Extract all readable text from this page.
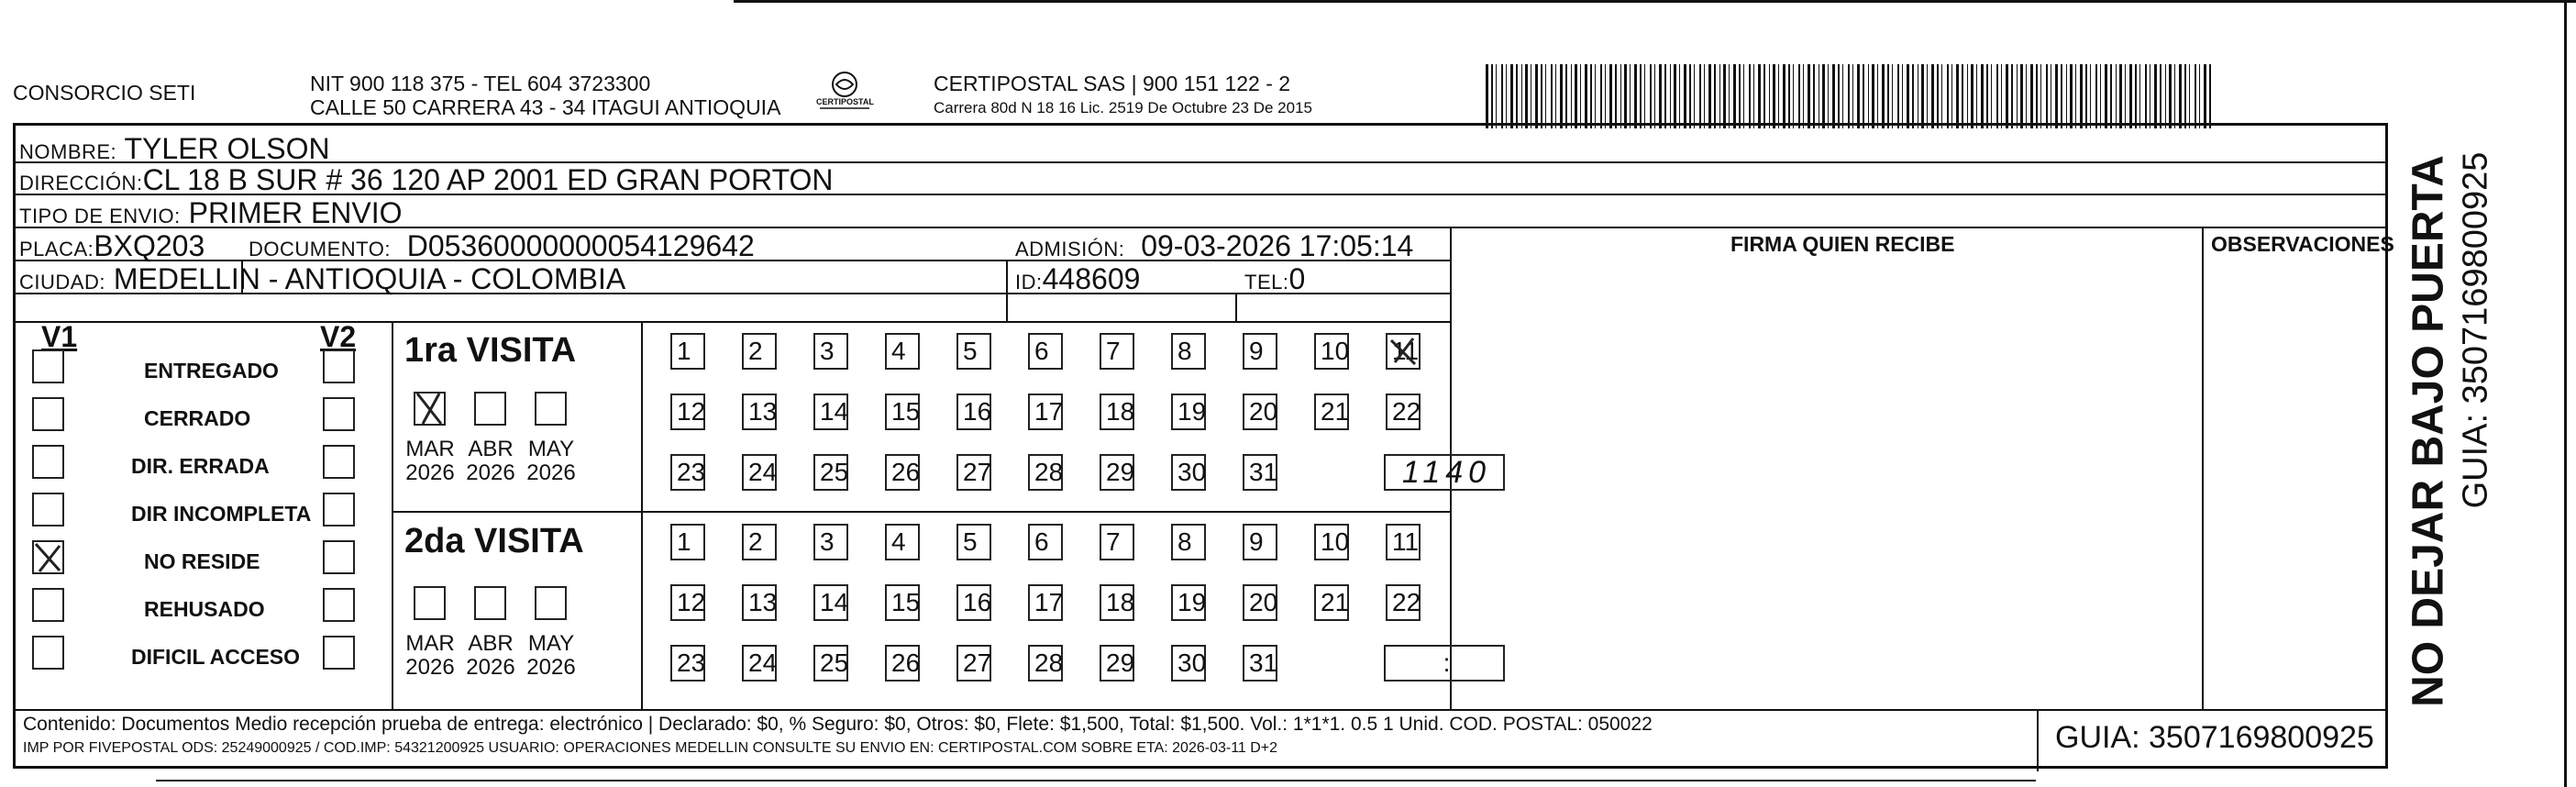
CONSORCIO SETI	NIT 900 118 375 - TEL 604 3723300
CALLE 50 CARRERA 43 - 34 ITAGUI ANTIOQUIA	CERTIPOSTAL
CERTIPOSTAL SAS | 900 151 122 - 2
Carrera 80d N 18 16 Lic. 2519 De Octubre 23 De 2015
NOMBRE: TYLER OLSON
DIRECCIÓN:CL 18 B SUR # 36 120 AP 2001 ED GRAN PORTON
TIPO DE ENVIO: PRIMER ENVIO
PLACA:BXQ203 DOCUMENTO: D05360000000054129642	ADMISIÓN: 09-03-2026 17:05:14
CIUDAD: MEDELLIN - ANTIOQUIA - COLOMBIA	ID:448609	TEL:0
FIRMA QUIEN RECIBE	OBSERVACIONES
V1	V2
ENTREGADO
CERRADO
DIR. ERRADA
DIR INCOMPLETA
NO RESIDE
REHUSADO
DIFICIL ACCESO
1ra VISITA
MAR
2026
ABR
2026
MAY
2026
1	2	3	4	5	6	7	8	9	10 11
12 13 14 15 16 17 18 19 20 21 22
23 24 25 26 27 28 29 30 31	1140
2da VISITA
MAR
2026
ABR
2026
MAY
2026
1	2	3	4	5	6	7	8	9	10 11
12 13 14 15 16 17 18 19 20 21 22
23 24 25 26 27 28 29 30 31	:
Contenido: Documentos Medio recepción prueba de entrega: electrónico | Declarado: $0, % Seguro: $0, Otros: $0, Flete: $1,500, Total: $1,500. Vol.: 1*1*1. 0.5 1 Unid. COD. POSTAL: 050022
IMP POR FIVEPOSTAL ODS: 25249000925 / COD.IMP: 54321200925 USUARIO: OPERACIONES MEDELLIN CONSULTE SU ENVIO EN: CERTIPOSTAL.COM SOBRE ETA: 2026-03-11 D+2	GUIA: 3507169800925
NO DEJAR BAJO PUERTA GUIA: 3507169800925
